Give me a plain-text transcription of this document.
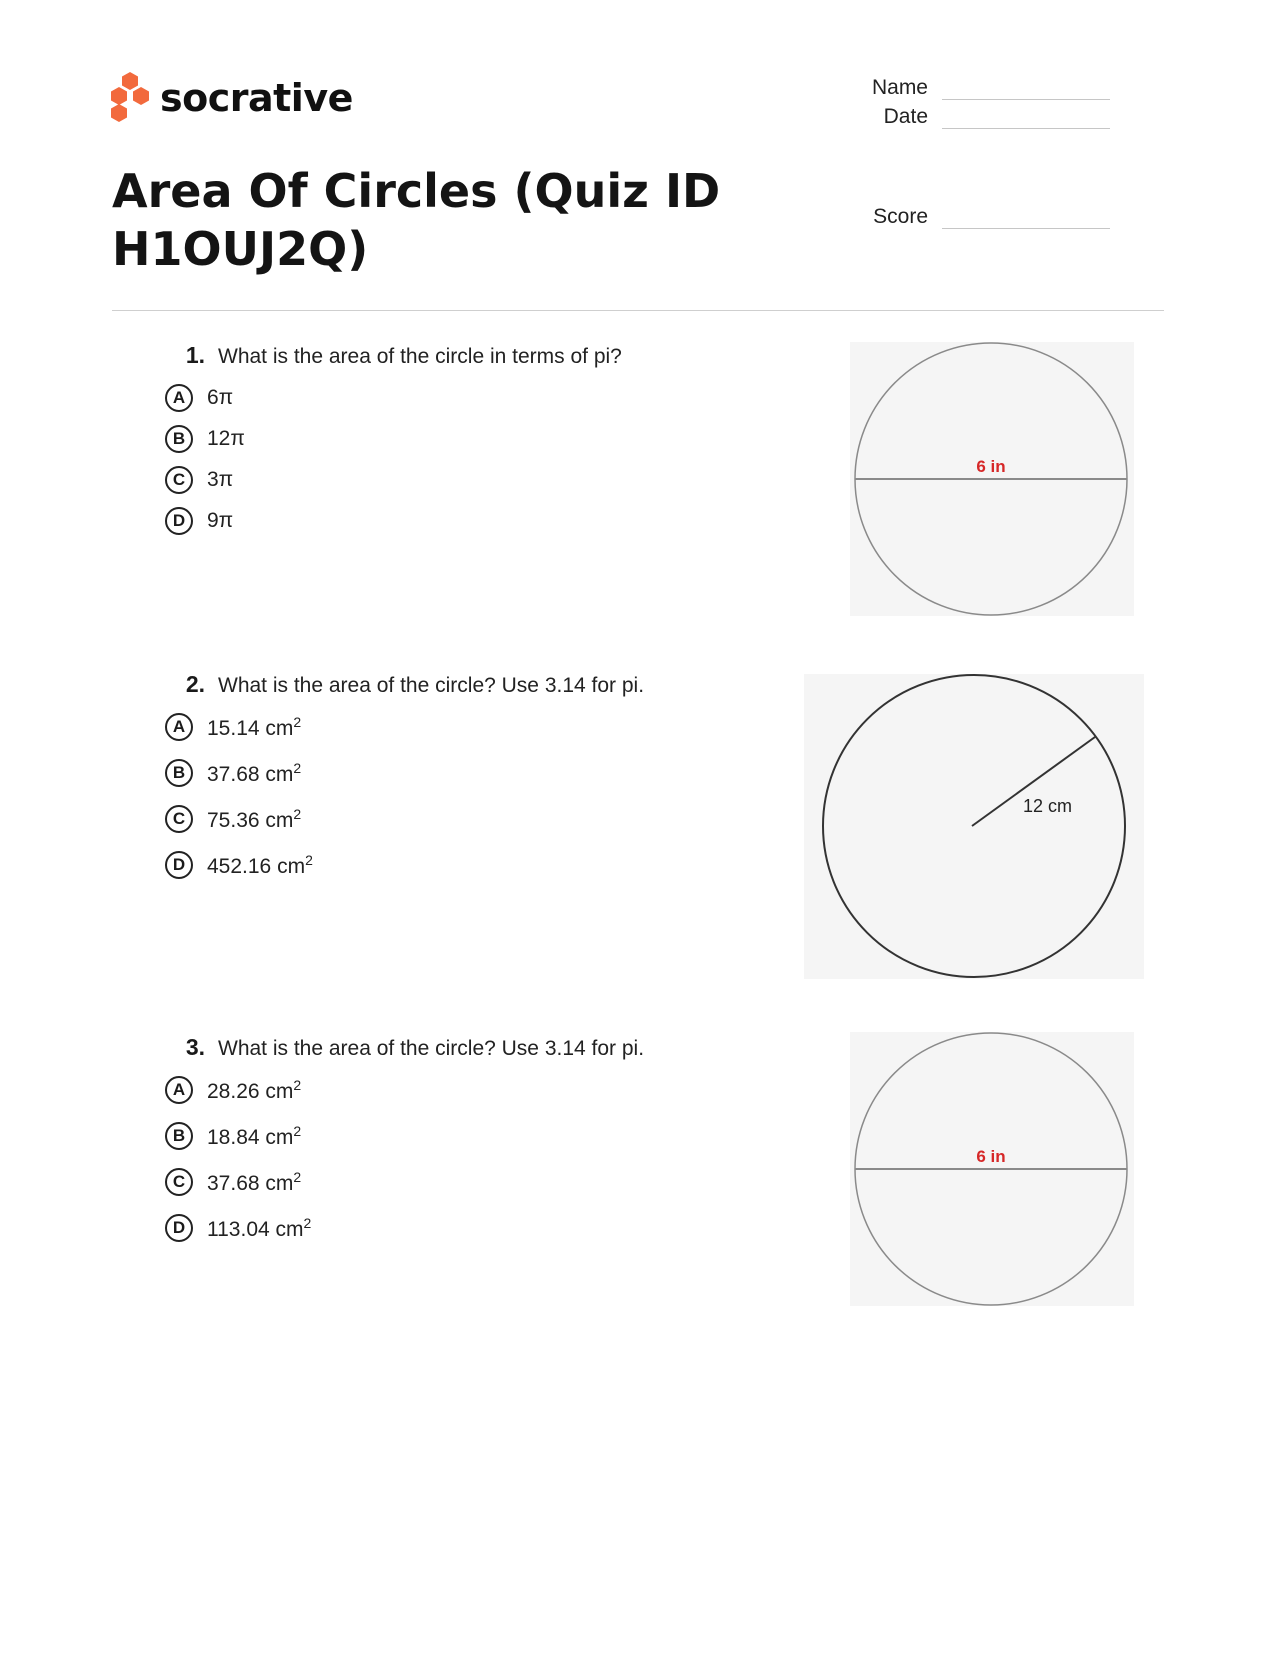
socrative	Name
Date
Score
Area Of Circles (Quiz ID H1OUJ2Q)
1. What is the area of the circle in terms of pi?
A	6π
B	12π
C	3π
D	9π
6 in
2. What is the area of the circle? Use 3.14 for pi.
A	15.14 $cm^2$
B	37.68 $cm^2$
C	75.36 $cm^2$
D	452.16 $cm^2$
12 cm
3. What is the area of the circle? Use 3.14 for pi.
A	28.26 $cm^2$
B	18.84 $cm^2$
C	37.68 $cm^2$
D	113.04 $cm^2$
6 in
